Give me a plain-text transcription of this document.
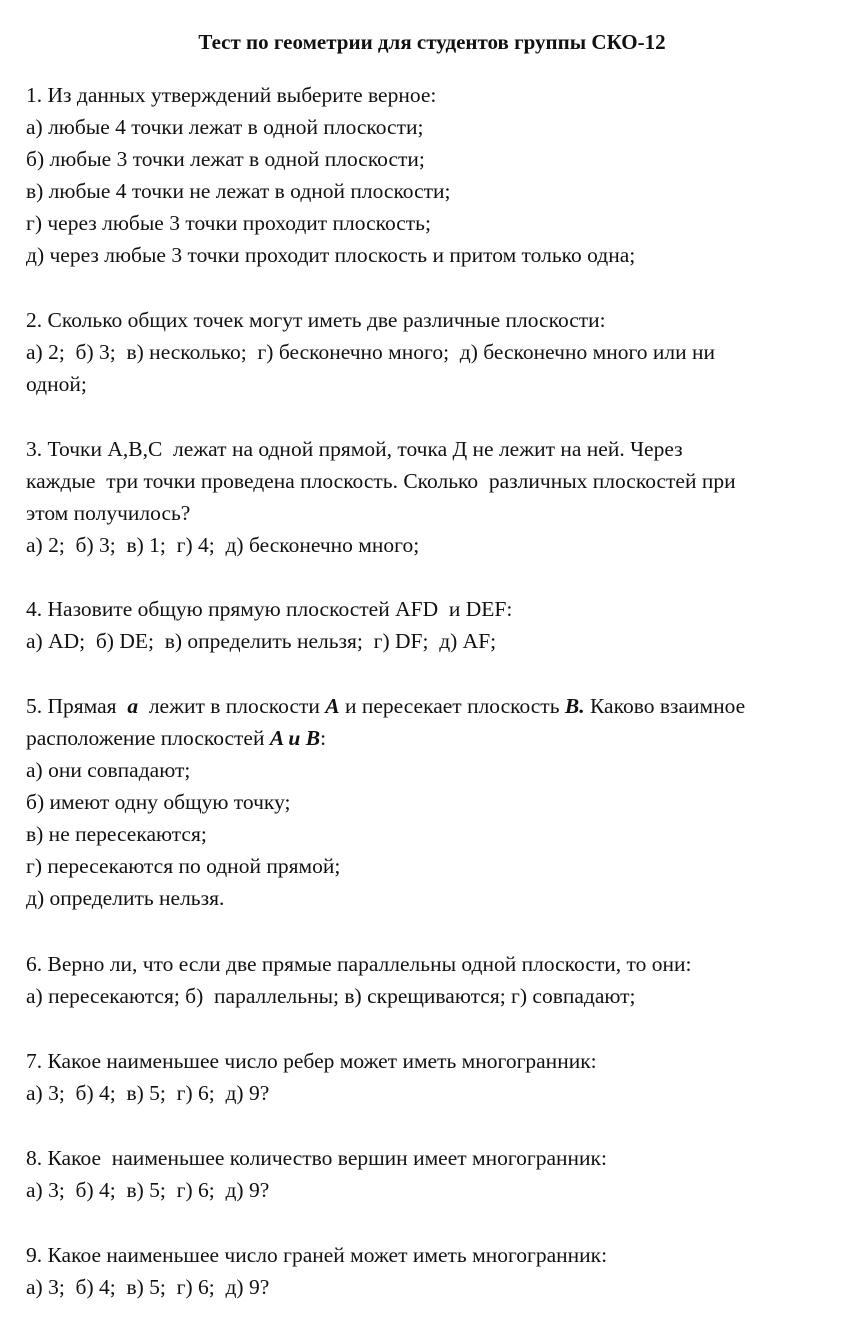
Тест по геометрии для студентов группы СКО-12
1. Из данных утверждений выберите верное:
а) любые 4 точки лежат в одной плоскости;
б) любые 3 точки лежат в одной плоскости;
в) любые 4 точки не лежат в одной плоскости;
г) через любые 3 точки проходит плоскость;
д) через любые 3 точки проходит плоскость и притом только одна;
2. Сколько общих точек могут иметь две различные плоскости:
а) 2;  б) 3;  в) несколько;  г) бесконечно много;  д) бесконечно много или ни
одной;
3. Точки А,В,С  лежат на одной прямой, точка Д не лежит на ней. Через
каждые  три точки проведена плоскость. Сколько  различных плоскостей при
этом получилось?
а) 2;  б) 3;  в) 1;  г) 4;  д) бесконечно много;
4. Назовите общую прямую плоскостей AFD  и DEF:
а) AD;  б) DE;  в) определить нельзя;  г) DF;  д) AF;
5. Прямая  a  лежит в плоскости A и пересекает плоскость B. Каково взаимное
расположение плоскостей A и B:
а) они совпадают;
б) имеют одну общую точку;
в) не пересекаются;
г) пересекаются по одной прямой;
д) определить нельзя.
6. Верно ли, что если две прямые параллельны одной плоскости, то они:
а) пересекаются; б)  параллельны; в) скрещиваются; г) совпадают;
7. Какое наименьшее число ребер может иметь многогранник:
а) 3;  б) 4;  в) 5;  г) 6;  д) 9?
8. Какое  наименьшее количество вершин имеет многогранник:
а) 3;  б) 4;  в) 5;  г) 6;  д) 9?
9. Какое наименьшее число граней может иметь многогранник:
а) 3;  б) 4;  в) 5;  г) 6;  д) 9?
